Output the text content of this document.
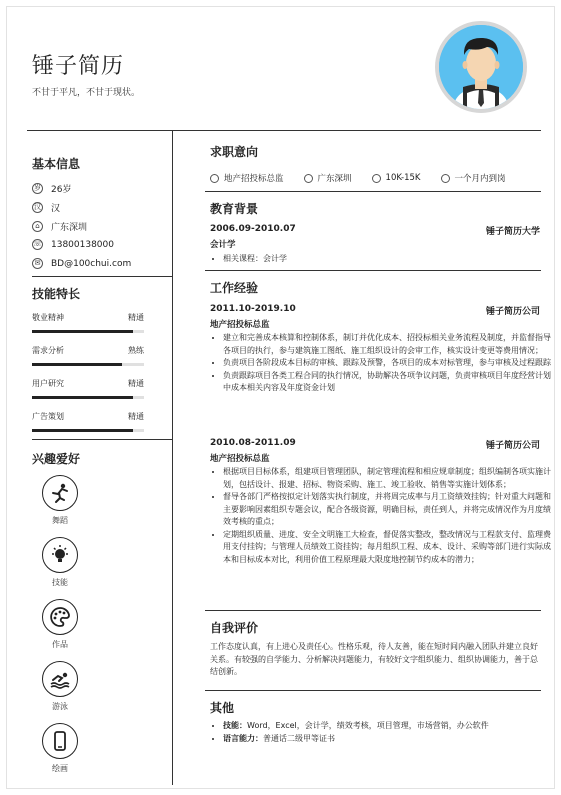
锤子简历
不甘于平凡，不甘于现状。
基本信息
岁 26岁
汉 汉
⌂	广东深圳
☏ 13800138000
✉ BD@100chui.com
技能特长
敬业精神	精通
需求分析	熟练
用户研究	精通
广告策划	精通
兴趣爱好
舞蹈
技能
作品
游泳
绘画
求职意向
地产招投标总监	广东深圳	10K-15K	一个月内到岗
教育背景
2006.09-2010.07	锤子简历大学
会计学
• 相关课程：会计学
工作经验
2011.10-2019.10	锤子简历公司
地产招投标总监
• 建立和完善成本核算和控制体系，制订并优化成本、招投标相关业务流程及制度，并监督指导各项目的执行，参与建筑施工图纸、施工组织设计的会审工作，核实设计变更等费用情况；
• 负责项目各阶段成本目标的审核、跟踪及预警，各项目的成本对标管理，参与审核及过程跟踪
• 负责跟踪项目各类工程合同的执行情况，协助解决各项争议问题，负责审核项目年度经营计划中成本相关内容及年度资金计划
2010.08-2011.09	锤子简历公司
地产招投标总监
• 根据项目目标体系，组建项目管理团队，制定管理流程和相应规章制度；组织编制各项实施计划，包括设计、报建、招标、物资采购、施工、竣工验收、销售等实施计划体系；
• 督导各部门严格按拟定计划落实执行制度，并将周完成率与月工资绩效挂钩；针对重大问题和主要影响因素组织专题会议，配合各级资源，明确目标，责任到人，并将完成情况作为月度绩效考核的重点；
• 定期组织质量、进度、安全文明施工大检查，督促落实整改，整改情况与工程款支付、监理费用支付挂钩；与管理人员绩效工资挂钩；每月组织工程、成本、设计、采购等部门进行实际成本和目标成本对比，利用价值工程原理最大限度地控制节约成本的潜力；
自我评价
工作态度认真，有上进心及责任心。性格乐观，待人友善，能在短时间内融入团队并建立良好关系。有较强的自学能力、分析解决问题能力，有较好文字组织能力、组织协调能力，善于总结创新。
其他
• 技能：Word，Excel，会计学，绩效考核，项目管理，市场营销，办公软件
• 语言能力：普通话二级甲等证书
